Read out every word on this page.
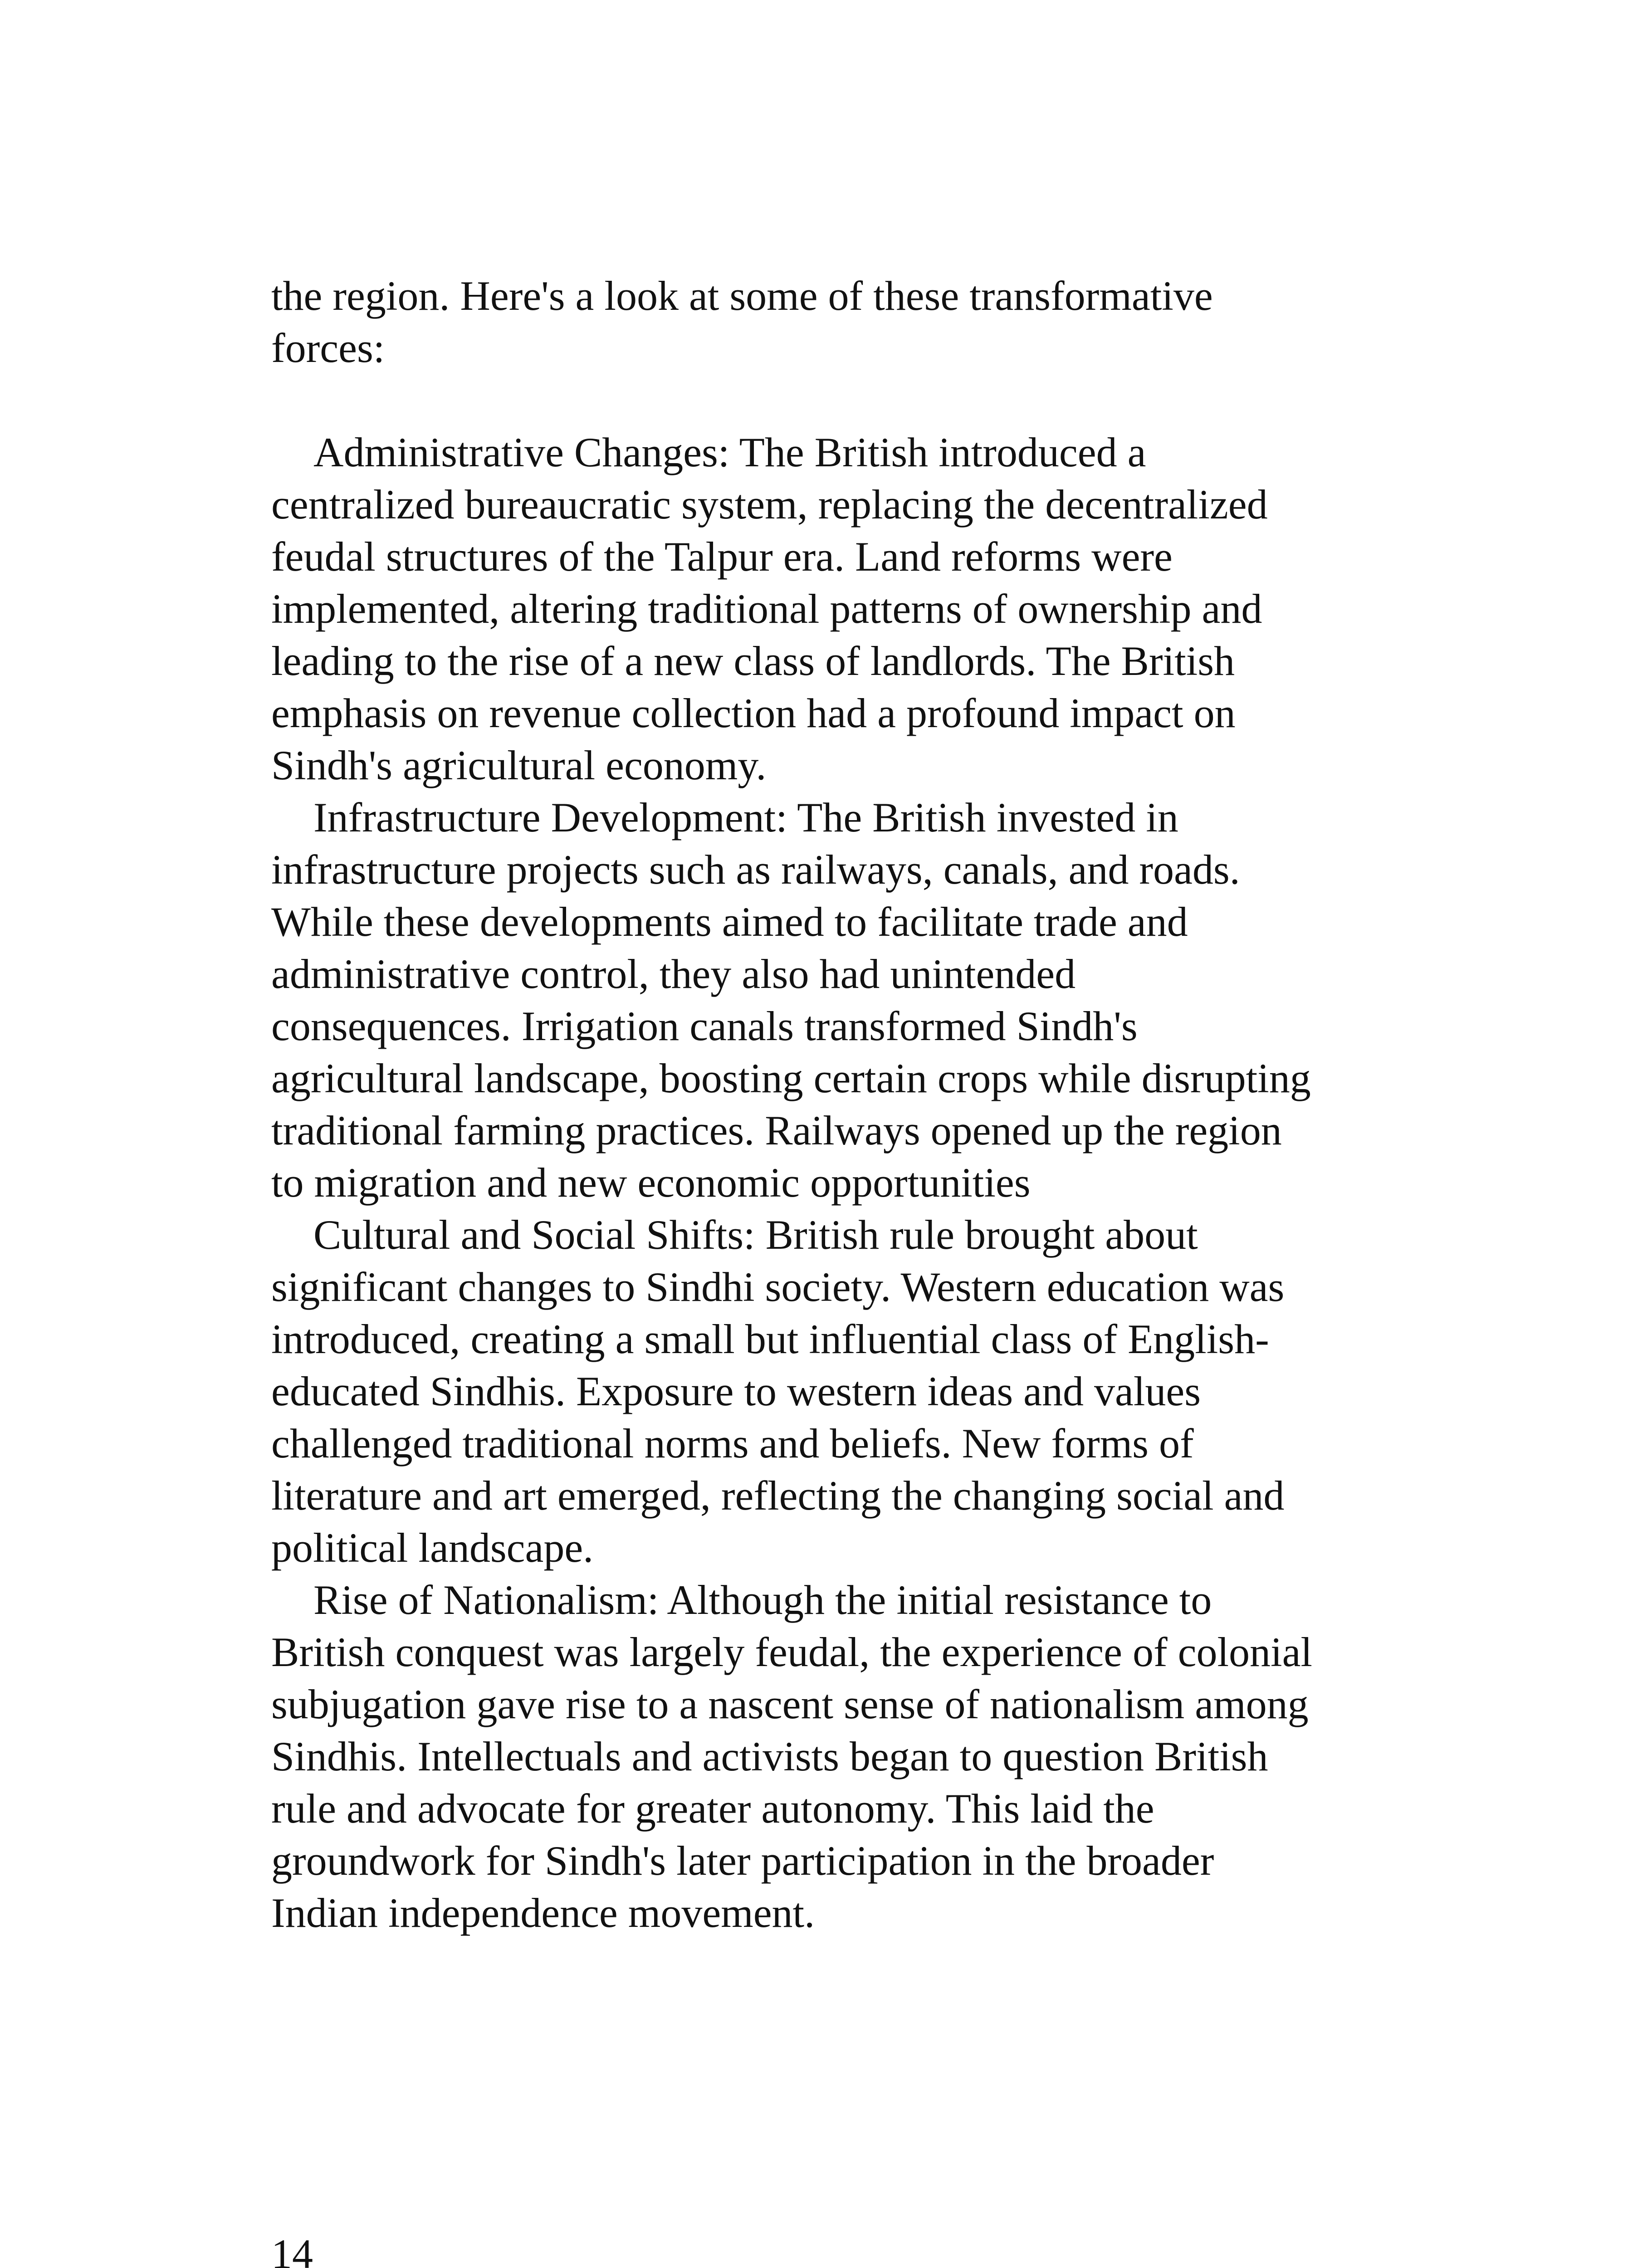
the region. Here's a look at some of these transformative forces:

Administrative Changes: The British introduced a centralized bureaucratic system, replacing the decentralized feudal structures of the Talpur era. Land reforms were implemented, altering traditional patterns of ownership and leading to the rise of a new class of landlords. The British emphasis on revenue collection had a profound impact on Sindh's agricultural economy.

Infrastructure Development: The British invested in infrastructure projects such as railways, canals, and roads. While these developments aimed to facilitate trade and administrative control, they also had unintended consequences. Irrigation canals transformed Sindh's agricultural landscape, boosting certain crops while disrupting traditional farming practices. Railways opened up the region to migration and new economic opportunities

Cultural and Social Shifts: British rule brought about significant changes to Sindhi society. Western education was introduced, creating a small but influential class of English-educated Sindhis. Exposure to western ideas and values challenged traditional norms and beliefs. New forms of literature and art emerged, reflecting the changing social and political landscape.

Rise of Nationalism: Although the initial resistance to British conquest was largely feudal, the experience of colonial subjugation gave rise to a nascent sense of nationalism among Sindhis. Intellectuals and activists began to question British rule and advocate for greater autonomy. This laid the groundwork for Sindh's later participation in the broader Indian independence movement.

14
